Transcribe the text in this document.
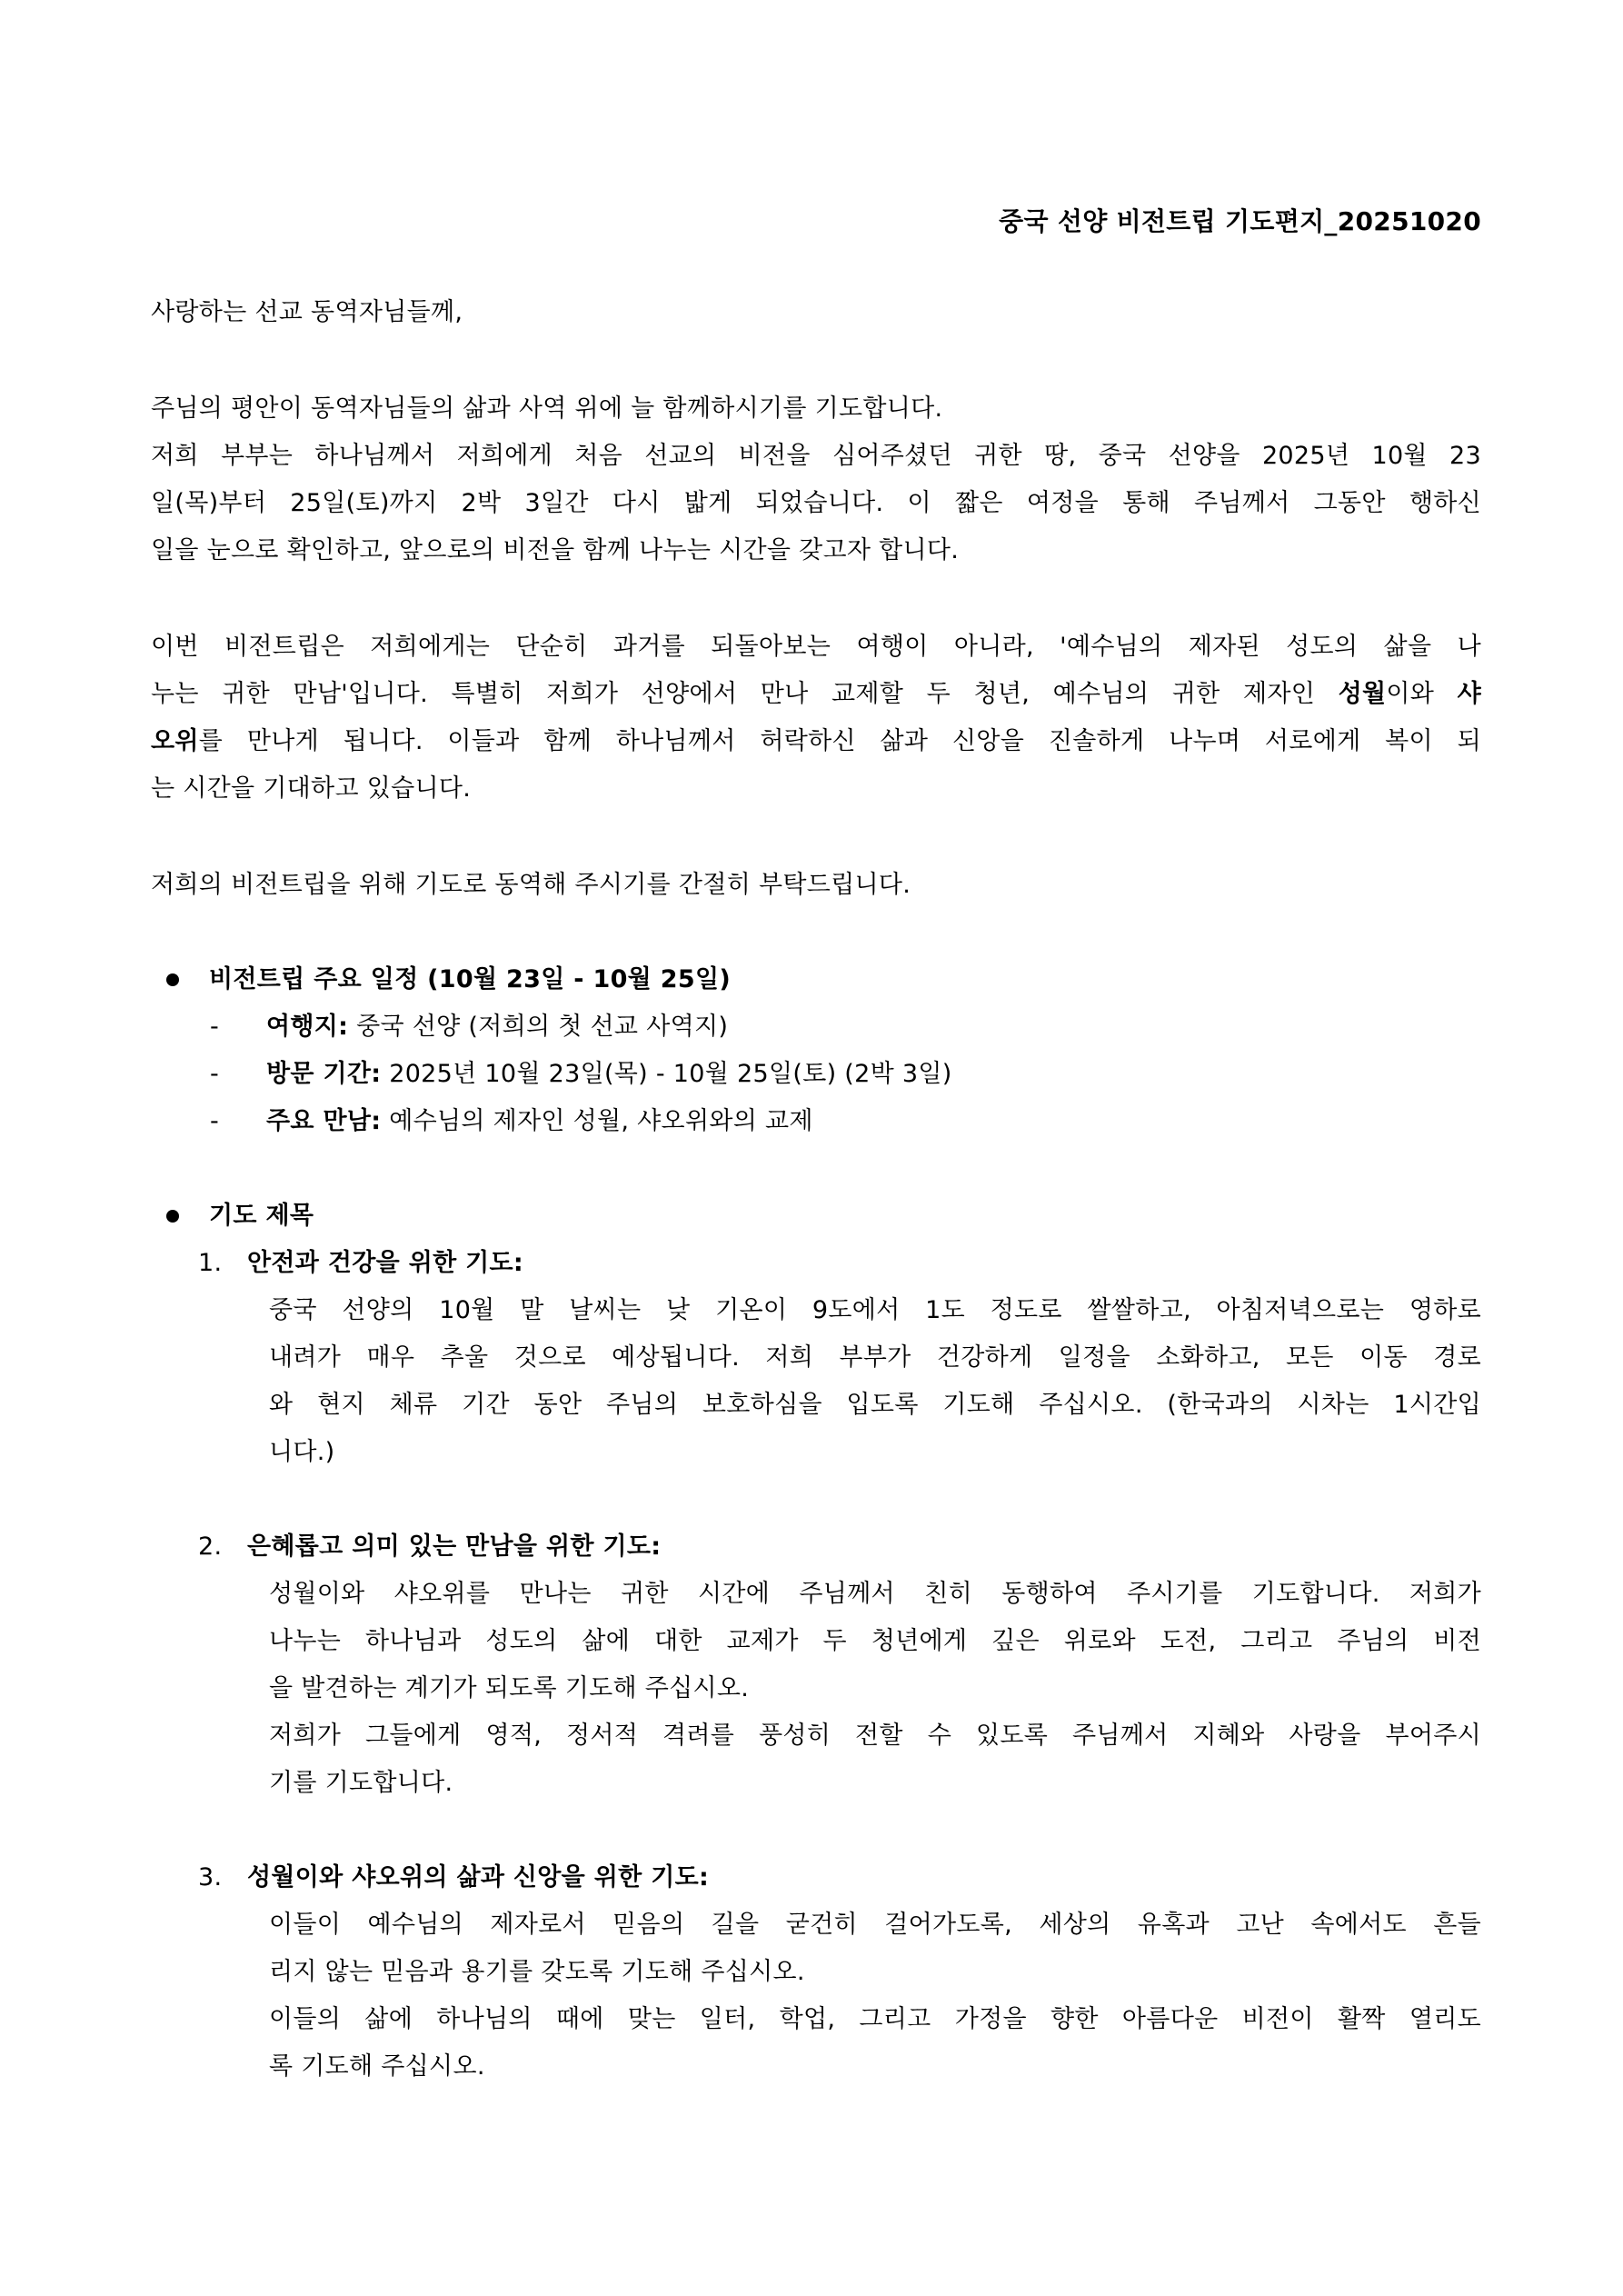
중국 선양 비전트립 기도편지_20251020
사랑하는 선교 동역자님들께,
주님의 평안이 동역자님들의 삶과 사역 위에 늘 함께하시기를 기도합니다.
저희 부부는 하나님께서 저희에게 처음 선교의 비전을 심어주셨던 귀한 땅, 중국 선양을 2025년 10월 23
일(목)부터 25일(토)까지 2박 3일간 다시 밟게 되었습니다. 이 짧은 여정을 통해 주님께서 그동안 행하신
일을 눈으로 확인하고, 앞으로의 비전을 함께 나누는 시간을 갖고자 합니다.
이번 비전트립은 저희에게는 단순히 과거를 되돌아보는 여행이 아니라, '예수님의 제자된 성도의 삶을 나
누는 귀한 만남'입니다. 특별히 저희가 선양에서 만나 교제할 두 청년, 예수님의 귀한 제자인 성월이와 샤
오위를 만나게 됩니다. 이들과 함께 하나님께서 허락하신 삶과 신앙을 진솔하게 나누며 서로에게 복이 되
는 시간을 기대하고 있습니다.
저희의 비전트립을 위해 기도로 동역해 주시기를 간절히 부탁드립니다.
비전트립 주요 일정 (10월 23일 - 10월 25일)
- 여행지: 중국 선양 (저희의 첫 선교 사역지)
- 방문 기간: 2025년 10월 23일(목) - 10월 25일(토) (2박 3일)
- 주요 만남: 예수님의 제자인 성월, 샤오위와의 교제
기도 제목
1. 안전과 건강을 위한 기도:
중국 선양의 10월 말 날씨는 낮 기온이 9도에서 1도 정도로 쌀쌀하고, 아침저녁으로는 영하로
내려가 매우 추울 것으로 예상됩니다. 저희 부부가 건강하게 일정을 소화하고, 모든 이동 경로
와 현지 체류 기간 동안 주님의 보호하심을 입도록 기도해 주십시오. (한국과의 시차는 1시간입
니다.)
2. 은혜롭고 의미 있는 만남을 위한 기도:
성월이와 샤오위를 만나는 귀한 시간에 주님께서 친히 동행하여 주시기를 기도합니다. 저희가
나누는 하나님과 성도의 삶에 대한 교제가 두 청년에게 깊은 위로와 도전, 그리고 주님의 비전
을 발견하는 계기가 되도록 기도해 주십시오.
저희가 그들에게 영적, 정서적 격려를 풍성히 전할 수 있도록 주님께서 지혜와 사랑을 부어주시
기를 기도합니다.
3. 성월이와 샤오위의 삶과 신앙을 위한 기도:
이들이 예수님의 제자로서 믿음의 길을 굳건히 걸어가도록, 세상의 유혹과 고난 속에서도 흔들
리지 않는 믿음과 용기를 갖도록 기도해 주십시오.
이들의 삶에 하나님의 때에 맞는 일터, 학업, 그리고 가정을 향한 아름다운 비전이 활짝 열리도
록 기도해 주십시오.
